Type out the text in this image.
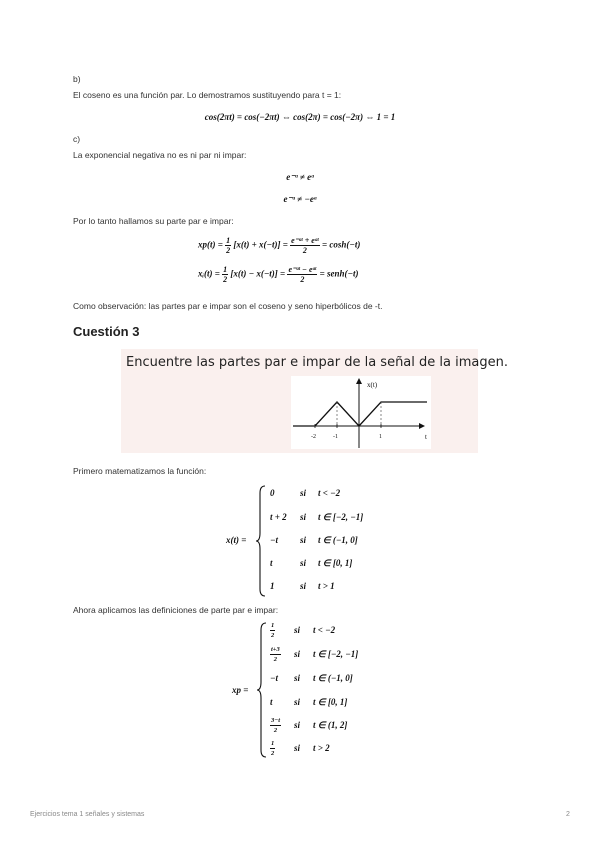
b)
El coseno es una función par. Lo demostramos sustituyendo para t = 1:
cos(2πt) = cos(−2πt) ⇔ cos(2π) = cos(−2π) ⇔ 1 = 1
c)
La exponencial negativa no es ni par ni impar:
e⁻ᵅ ≠ eᵅ
e⁻ᵅ ≠ −eᵅ
Por lo tanto hallamos su parte par e impar:
$xp(t) = \frac{1}{2} [x(t) + x(-t)] = \frac{\text{e⁻ᵅᵗ + eᵅᵗ}}{2} = \cosh(-t)$
xᵢ(t) = $\frac{1}{2} [x(t) - x(-t)] = \frac{\text{e⁻ᵅᵗ − eᵅᵗ}}{2}$ = senh(−t)
Como observación: las partes par e impar son el coseno y seno hiperbólicos de -t.
Cuestión 3
Encuentre las partes par e impar de la señal de la imagen.
x(t)
t
-2	-1	1
Primero matematizamos la función:
x(t) =
0	si t < −2
t + 2 si t ∈ [−2, −1]
−t si t ∈ (−1, 0]
t	si t ∈ [0, 1]
1	si t > 1
Ahora aplicamos las definiciones de parte par e impar:
xp =
$\frac{1}{2}$ si t < −2
$\frac{t+3}{2}$ si t ∈ [−2, −1]
−t si t ∈ (−1, 0]
t si t ∈ [0, 1]
$\frac{3-t}{2}$ si t ∈ (1, 2]
$\frac{1}{2}$ si t > 2
Ejercicios tema 1 señales y sistemas	2
